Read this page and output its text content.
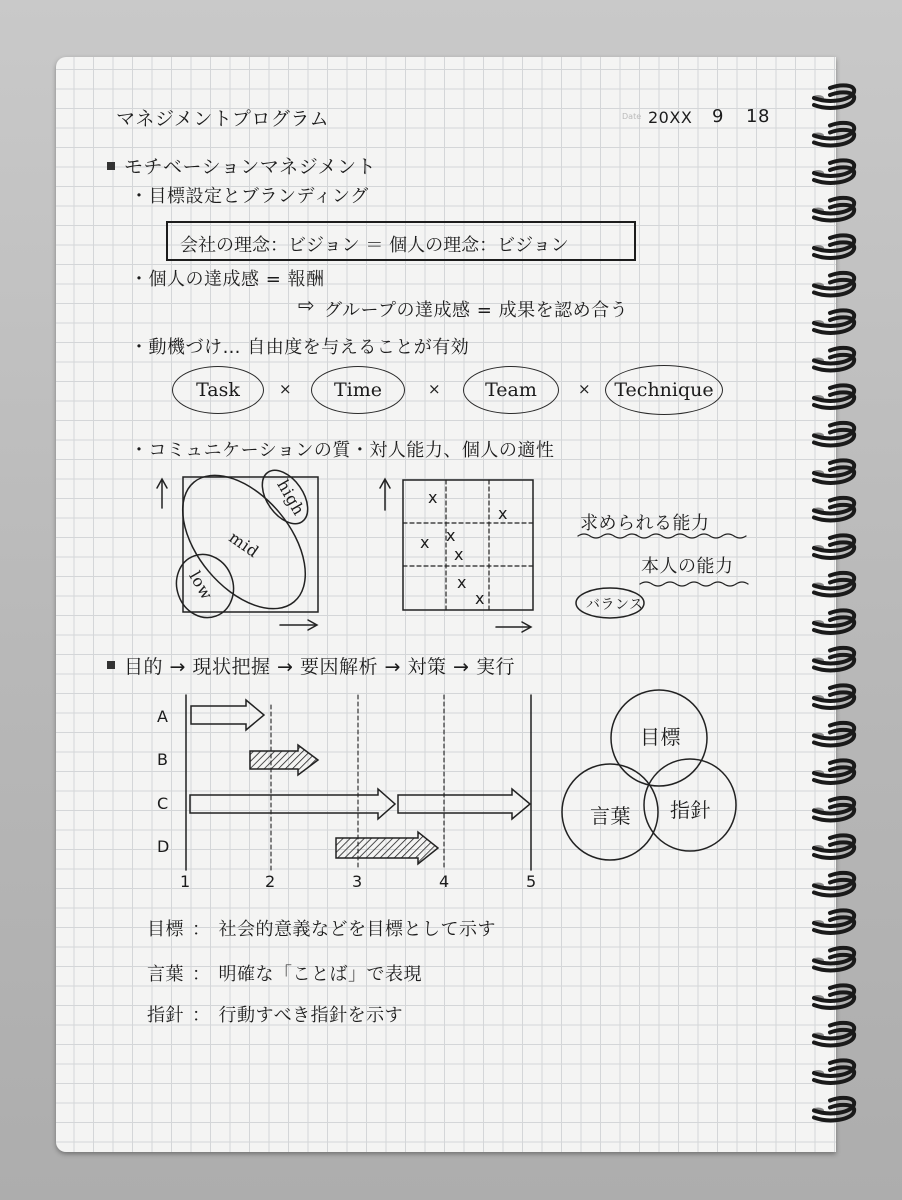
マネジメントプログラム	Date 20XX 9 18
モチベーションマネジメント
・目標設定とブランディング
会社の理念：ビジョン ＝ 個人の理念：ビジョン
・個人の達成感 = 報酬
⇨ グループの達成感 = 成果を認め合う
・動機づけ… 自由度を与えることが有効
Task	×	Time	×	Team	×	Technique
・コミュニケーションの質・対人能力、個人の適性
high
mid
low
x
x
x x
x
x
x
求められる能力
本人の能力
バランス
目的 → 現状把握 → 要因解析 → 対策 → 実行
A
B
C
D
1	2	3	4	5
目標
言葉 指針
目標 ： 社会的意義などを目標として示す
言葉 ： 明確な「ことば」で表現
指針 ： 行動すべき指針を示す
